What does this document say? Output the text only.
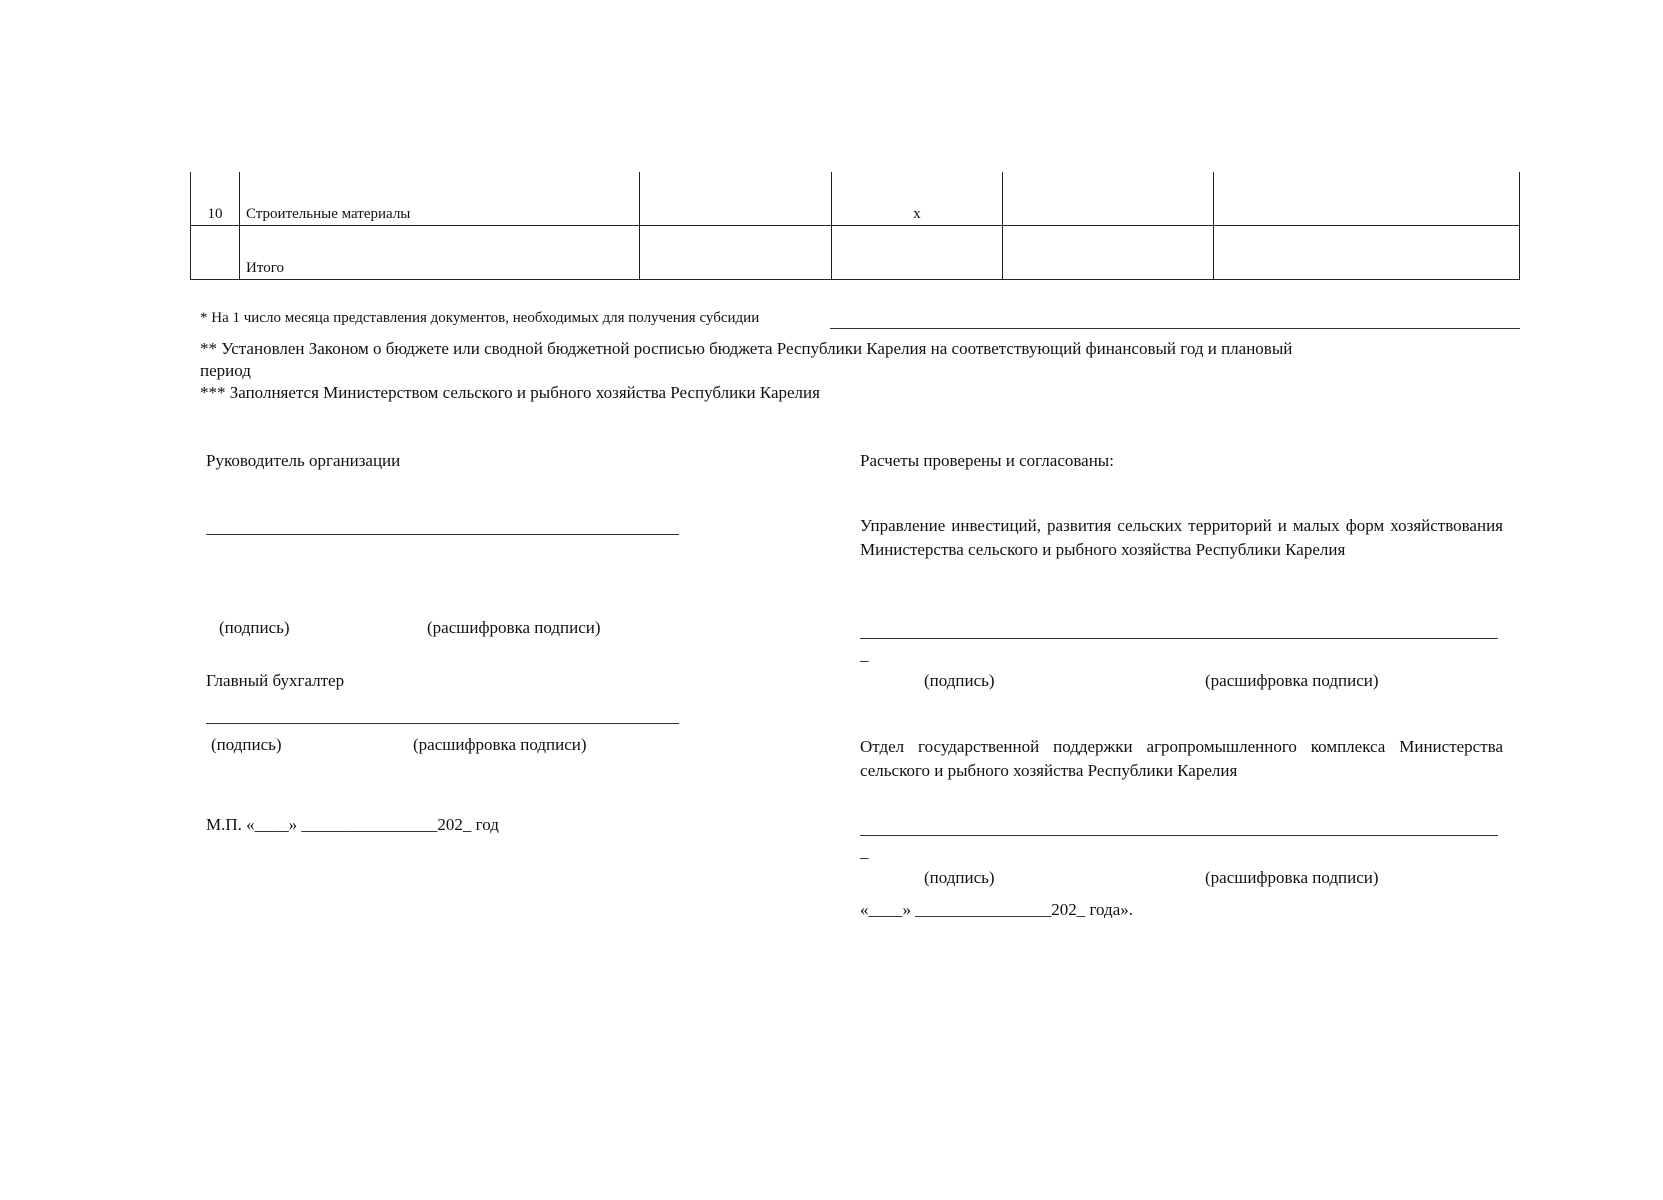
10	Строительные материалы		х		
	Итого				
* На 1 число месяца представления документов, необходимых для получения субсидии
** Установлен Законом о бюджете или сводной бюджетной росписью бюджета Республики Карелия на соответствующий финансовый год и плановый
период
*** Заполняется Министерством сельского и рыбного хозяйства Республики Карелия
Руководитель организации
(подпись)	(расшифровка подписи)
Главный бухгалтер
(подпись)	(расшифровка подписи)
М.П. «____» ________________202_ год
Расчеты проверены и согласованы:
Управление инвестиций, развития сельских территорий и малых форм хозяйствования Министерства сельского и рыбного хозяйства Республики Карелия
_
(подпись)	(расшифровка подписи)
Отдел государственной поддержки агропромышленного комплекса Министерства сельского и рыбного хозяйства Республики Карелия
_
(подпись)	(расшифровка подписи)
«____» ________________202_ года».
